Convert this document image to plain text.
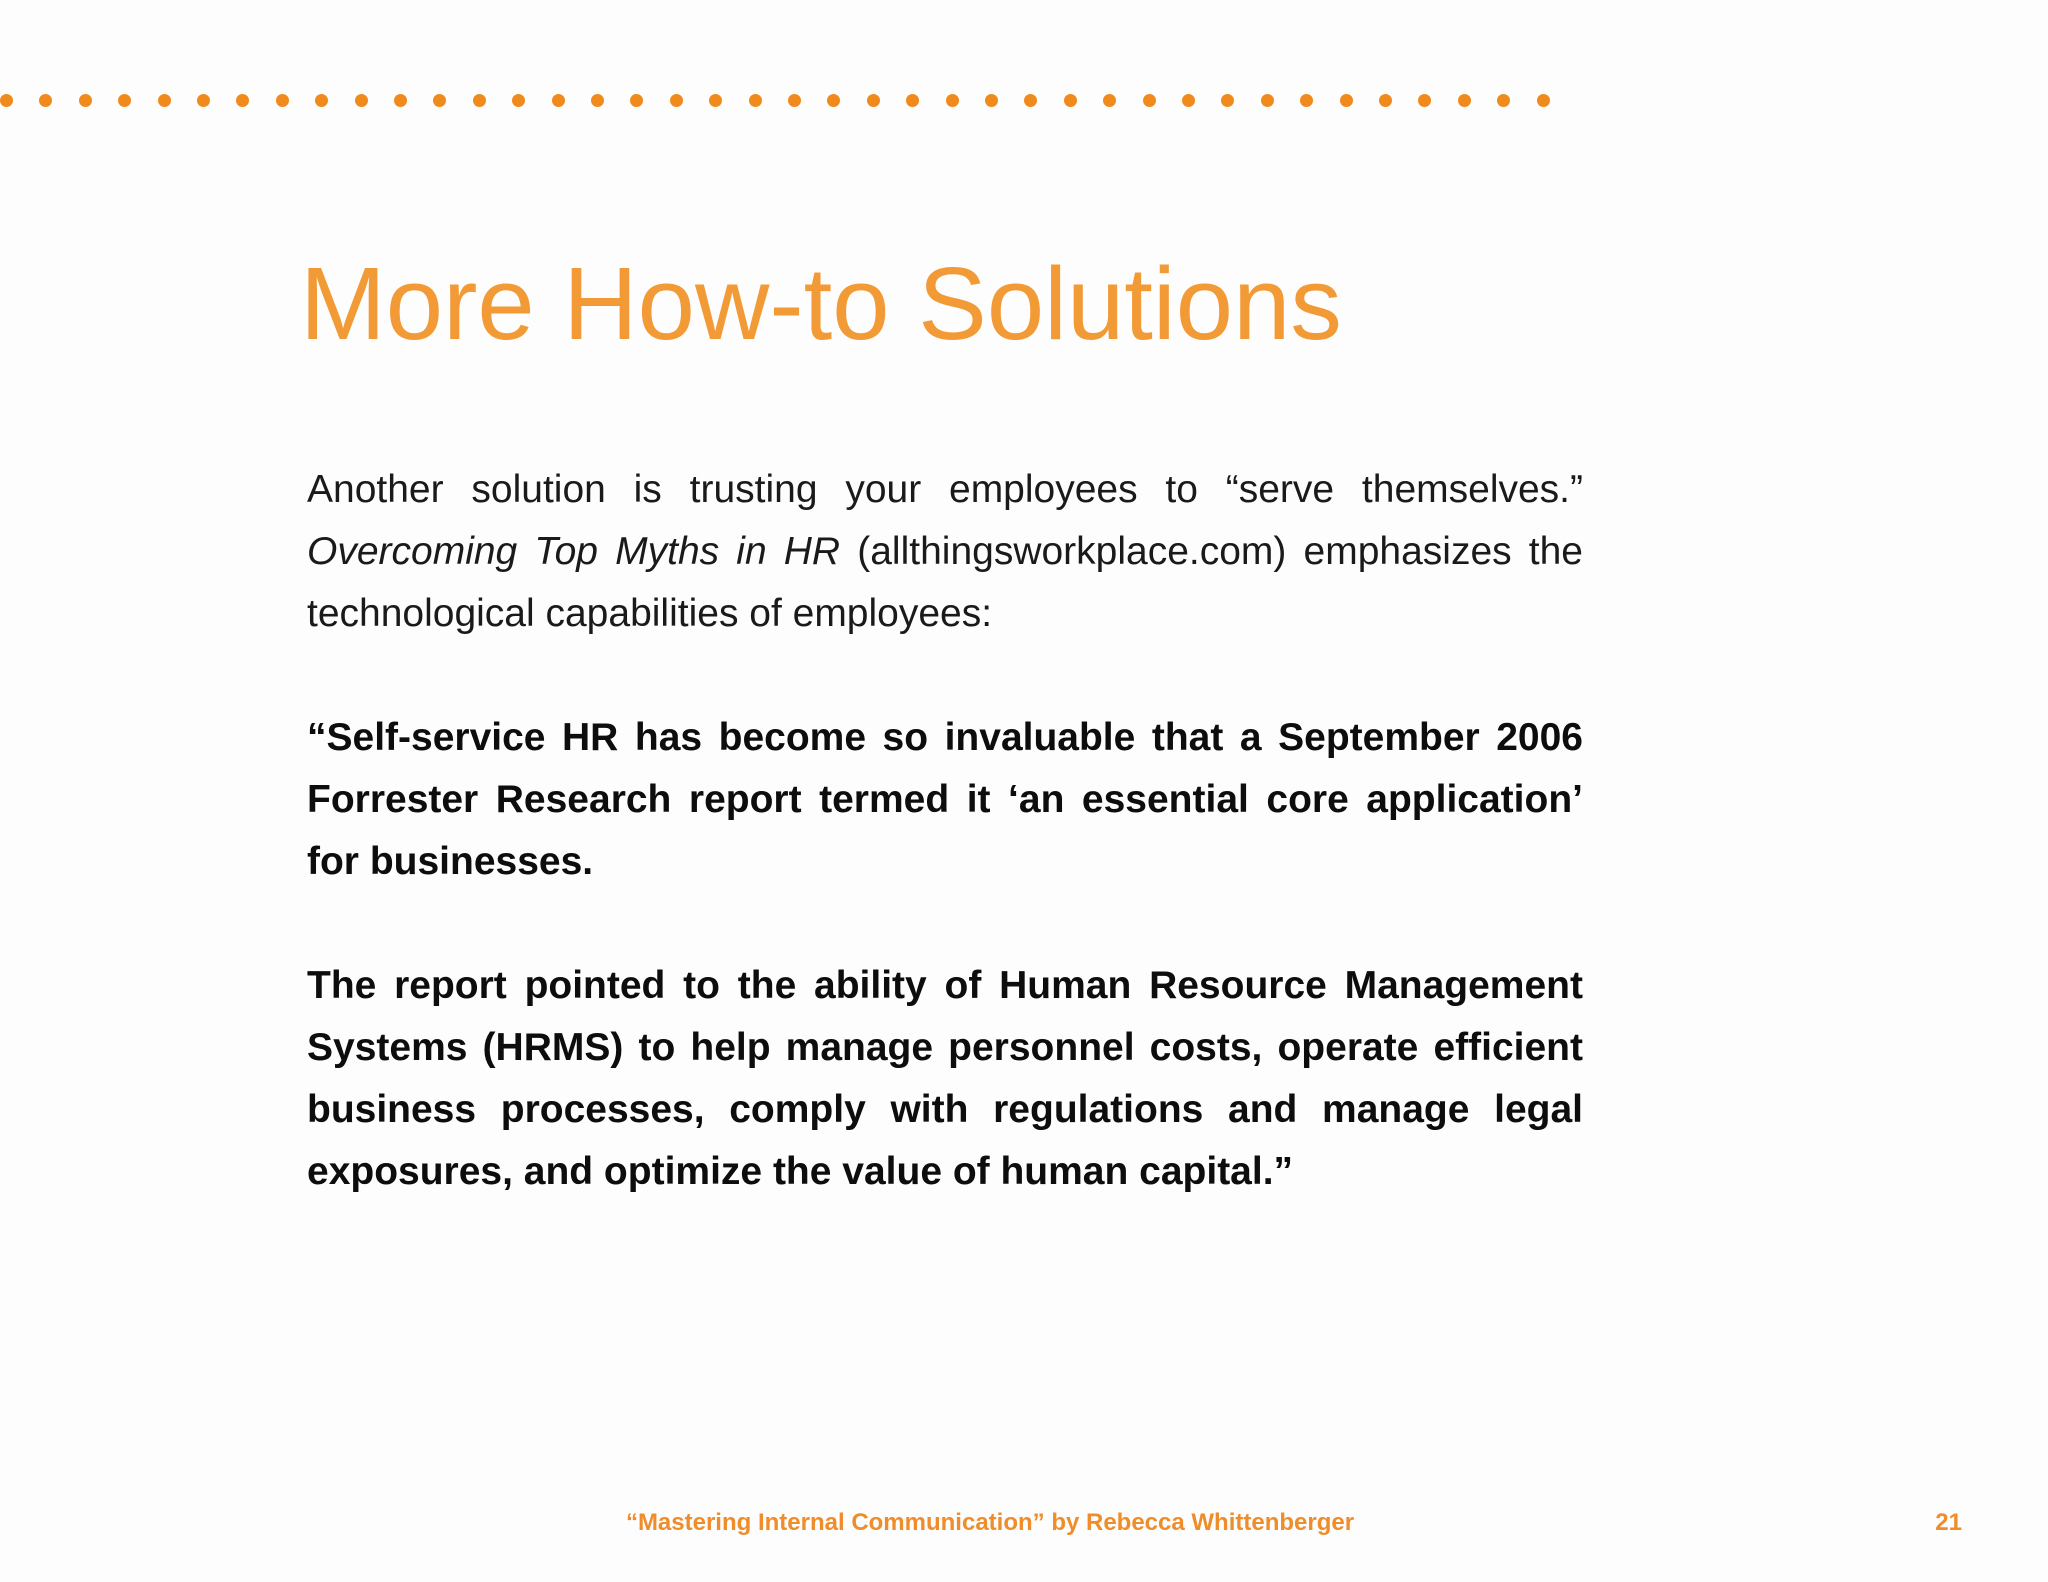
More How-to Solutions

Another solution is trusting your employees to “serve themselves.” Overcoming Top Myths in HR (allthingsworkplace.com) emphasizes the technological capabilities of employees:

“Self-service HR has become so invaluable that a September 2006 Forrester Research report termed it ‘an essential core application’ for businesses.

The report pointed to the ability of Human Resource Management Systems (HRMS) to help manage personnel costs, operate efficient business processes, comply with regulations and manage legal exposures, and optimize the value of human capital.”

“Mastering Internal Communication” by Rebecca Whittenberger	21
